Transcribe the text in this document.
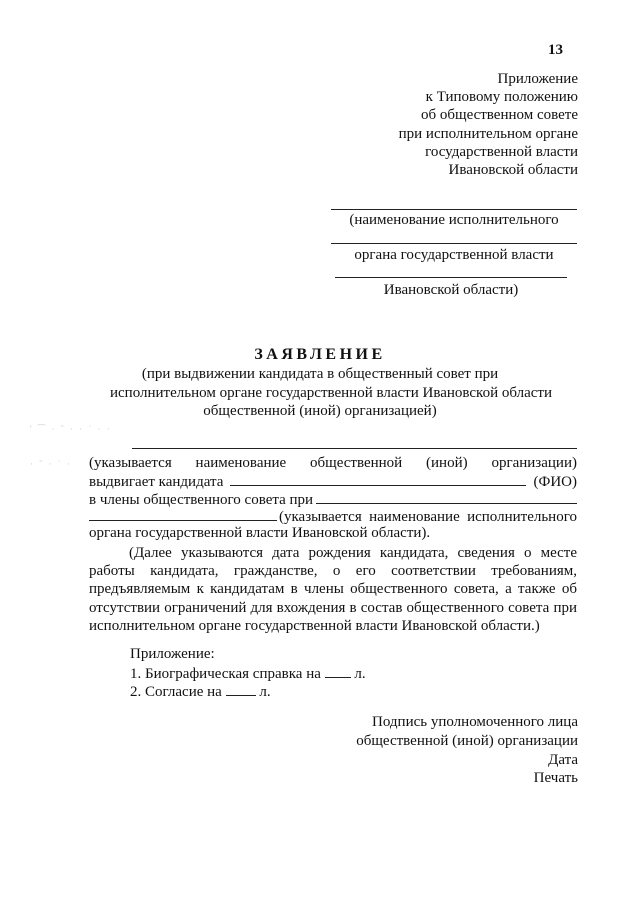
13
Приложение
к Типовому положению
об общественном совете
при исполнительном органе
государственной власти
Ивановской области
(наименование исполнительного
органа государственной власти
Ивановской области)
ЗАЯВЛЕНИЕ
(при выдвижении кандидата в общественный совет при
исполнительном органе государственной власти Ивановской области
общественной (иной) организацией)
' ⁀ · ˜ · · ˙ · ·
· ˜ · ˙ · (указывается наименование общественной (иной) организации)
выдвигает кандидата	(ФИО)
в члены общественного совета при
(указывается наименование исполнительного
органа государственной власти Ивановской области).
(Далее указываются дата рождения кандидата, сведения о месте
работы кандидата, гражданстве, о его соответствии требованиям,
предъявляемым к кандидатам в члены общественного совета, а также об
отсутствии ограничений для вхождения в состав общественного совета при
исполнительном органе государственной власти Ивановской области.)
Приложение:
1. Биографическая справка на л.
2. Согласие на	л.
Подпись уполномоченного лица
общественной (иной) организации
Дата
Печать
